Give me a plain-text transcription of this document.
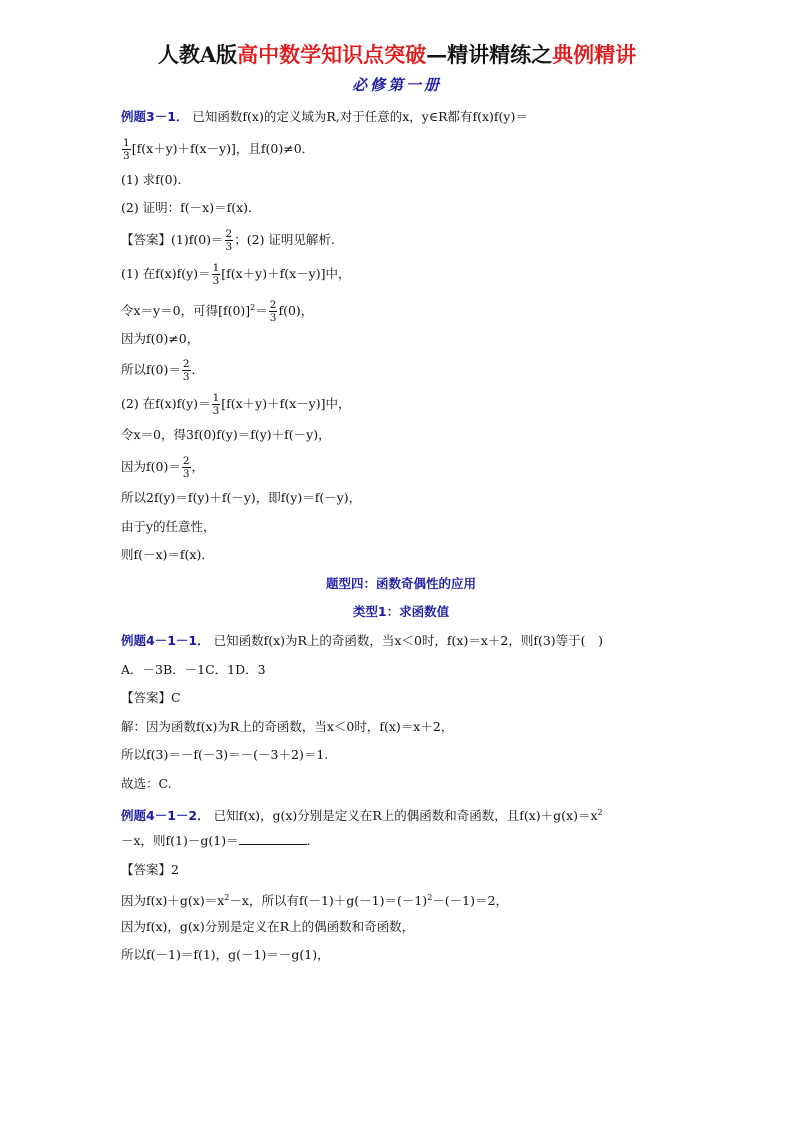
人教A版高中数学知识点突破—精讲精练之典例精讲
必修第一册
例题3－1． 已知函数f(x)的定义域为R,对于任意的x，y∈R都有f(x)f(y)＝
$\frac{1}{3} [f(x+y)+f(x-y)]$，且f(0)≠0．
(1) 求f(0)．
(2) 证明：f(－x)＝f(x)．
【答案】$(1)f(0)= \frac{2}{3}$ ；(2) 证明见解析.
(1) 在$f(x)f(y)= \frac{1}{3} [f(x+y)+f(x-y)]$中，
令x＝y＝0，可得$[f(0)]^2= \frac{2}{3} f(0)$，
因为f(0)≠0，
所以$f(0)= \frac{2}{3}$ ．
(2) 在$f(x)f(y)= \frac{1}{3} [f(x+y)+f(x-y)]$中，
令x＝0，得3f(0)f(y)＝f(y)＋f(－y)，
因为$f(0)= \frac{2}{3}$ ，
所以2f(y)＝f(y)＋f(－y)，即f(y)＝f(－y)，
由于y的任意性，
则f(－x)＝f(x)．
题型四：函数奇偶性的应用
类型1：求函数值
例题4－1－1． 已知函数f(x)为R上的奇函数，当x＜0时，f(x)＝x＋2，则f(3)等于(　)
A．－3B．－1C．1D．3
【答案】C
解：因为函数f(x)为R上的奇函数，当x＜0时，f(x)＝x＋2，
所以f(3)＝－f(－3)＝－(－3＋2)＝1.
故选：C.
例题4－1－2． 已知f(x)，g(x)分别是定义在R上的偶函数和奇函数，且$f(x)+g(x)=x^2$
－x，则f(1)－g(1)＝	.
【答案】2
因为$f(x)+g(x)=x^2-x$，所以有$f(-1)+g(-1)=(-1)^2-(-1)=2$，
因为f(x)，g(x)分别是定义在R上的偶函数和奇函数，
所以f(－1)＝f(1)，g(－1)＝－g(1)，
